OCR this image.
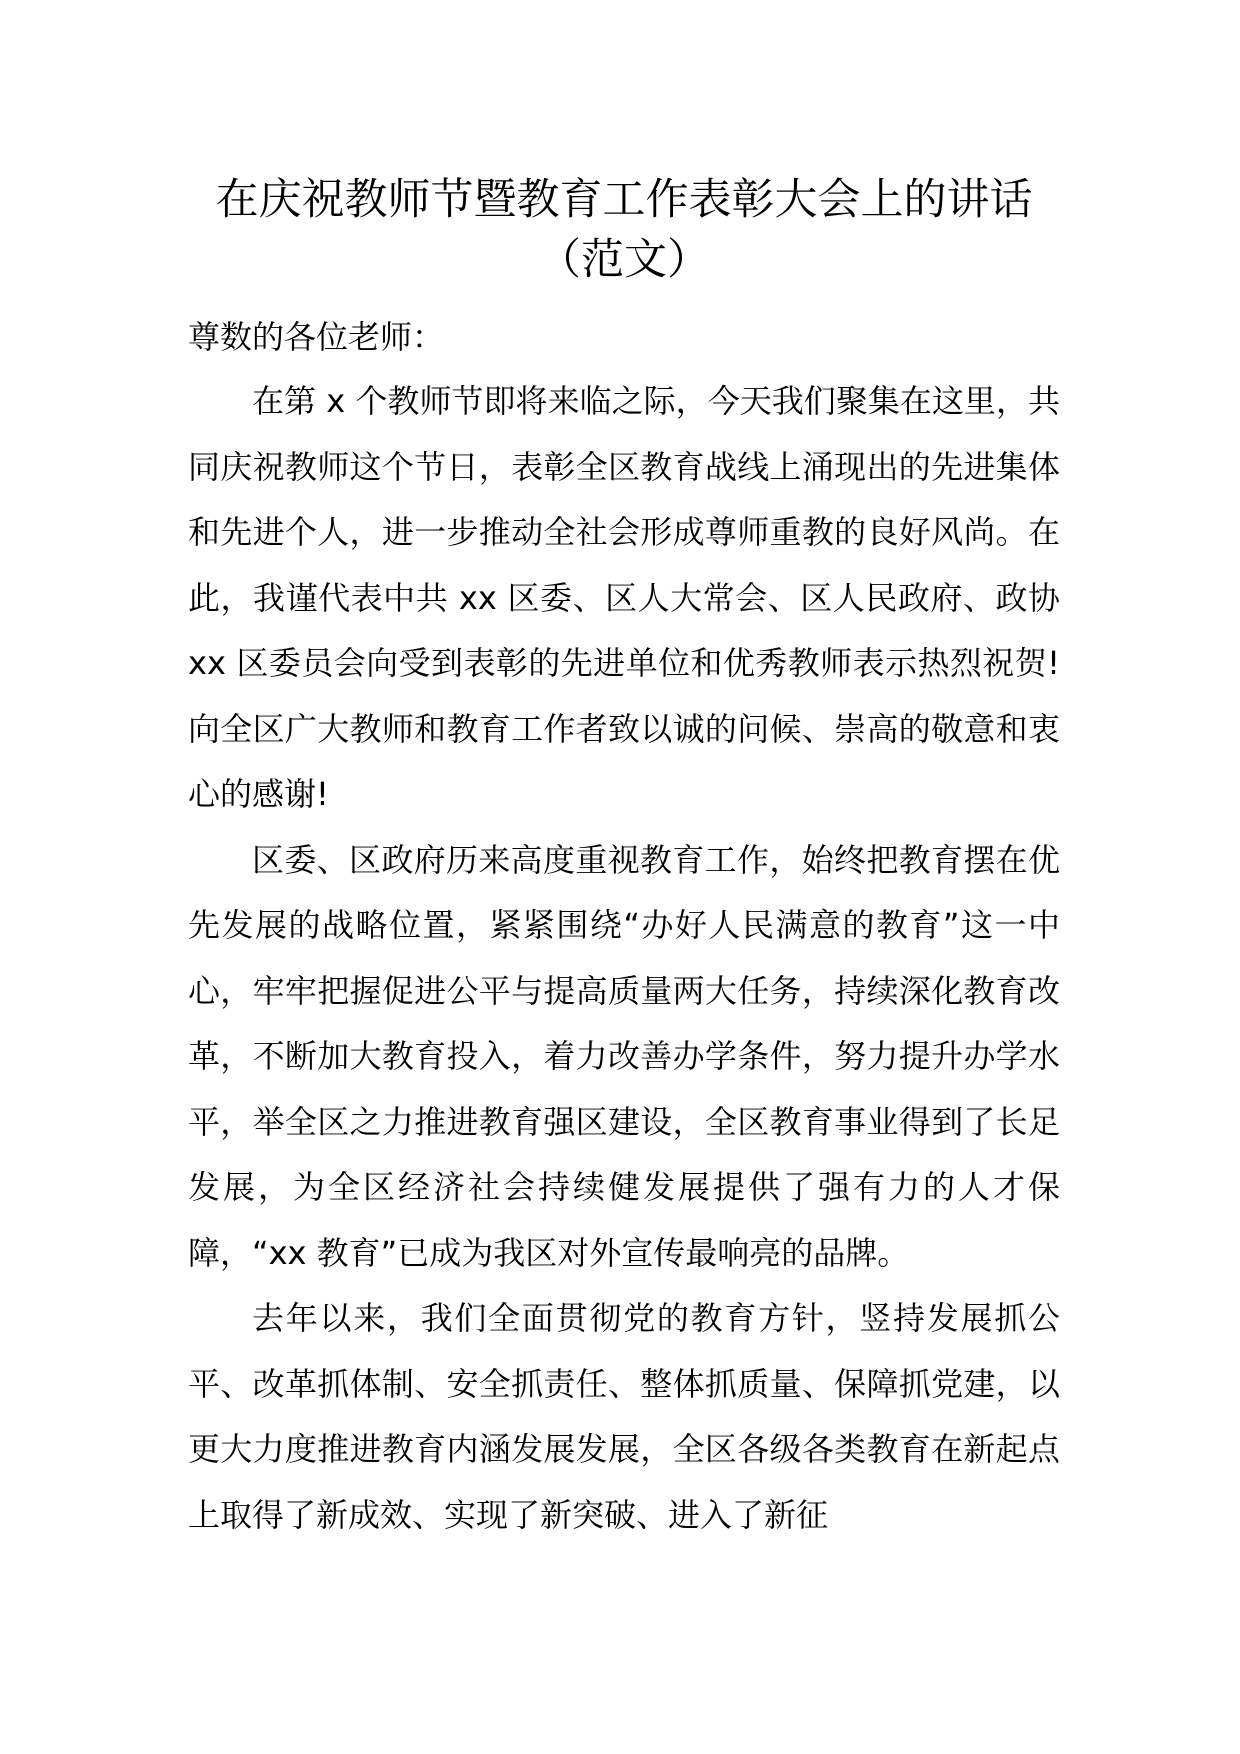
在庆祝教师节暨教育工作表彰大会上的讲话（范文）

尊数的各位老师：

在第 x 个教师节即将来临之际，今天我们聚集在这里，共同庆祝教师这个节日，表彰全区教育战线上涌现出的先进集体和先进个人，进一步推动全社会形成尊师重教的良好风尚。在此，我谨代表中共 xx 区委、区人大常会、区人民政府、政协 xx 区委员会向受到表彰的先进单位和优秀教师表示热烈祝贺!向全区广大教师和教育工作者致以诚的问候、崇高的敬意和衷心的感谢!

区委、区政府历来高度重视教育工作，始终把教育摆在优先发展的战略位置，紧紧围绕“办好人民满意的教育”这一中心，牢牢把握促进公平与提高质量两大任务，持续深化教育改革，不断加大教育投入，着力改善办学条件，努力提升办学水平，举全区之力推进教育强区建设，全区教育事业得到了长足发展，为全区经济社会持续健发展提供了强有力的人才保障，“xx 教育”已成为我区对外宣传最响亮的品牌。

去年以来，我们全面贯彻党的教育方针，竖持发展抓公平、改革抓体制、安全抓责任、整体抓质量、保障抓党建，以更大力度推进教育内涵发展发展，全区各级各类教育在新起点上取得了新成效、实现了新突破、进入了新征
